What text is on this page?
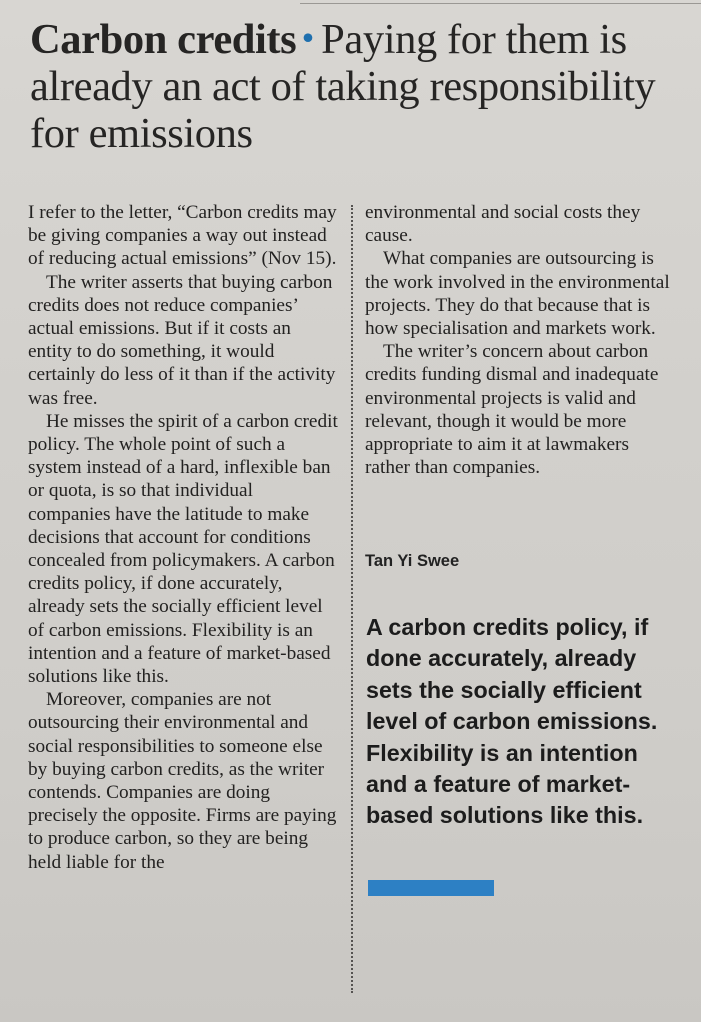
Carbon credits • Paying for them is already an act of taking responsibility for emissions

I refer to the letter, “Carbon credits may be giving companies a way out instead of reducing actual emissions” (Nov 15).

The writer asserts that buying carbon credits does not reduce companies’ actual emissions. But if it costs an entity to do something, it would certainly do less of it than if the activity was free.

He misses the spirit of a carbon credit policy. The whole point of such a system instead of a hard, inflexible ban or quota, is so that individual companies have the latitude to make decisions that account for conditions concealed from policymakers. A carbon credits policy, if done accurately, already sets the socially efficient level of carbon emissions. Flexibility is an intention and a feature of market-based solutions like this.

Moreover, companies are not outsourcing their environmental and social responsibilities to someone else by buying carbon credits, as the writer contends. Companies are doing precisely the opposite. Firms are paying to produce carbon, so they are being held liable for the

environmental and social costs they cause.

What companies are outsourcing is the work involved in the environmental projects. They do that because that is how specialisation and markets work.

The writer’s concern about carbon credits funding dismal and inadequate environmental projects is valid and relevant, though it would be more appropriate to aim it at lawmakers rather than companies.

Tan Yi Swee

A carbon credits policy, if done accurately, already sets the socially efficient level of carbon emissions. Flexibility is an intention and a feature of market-based solutions like this.
